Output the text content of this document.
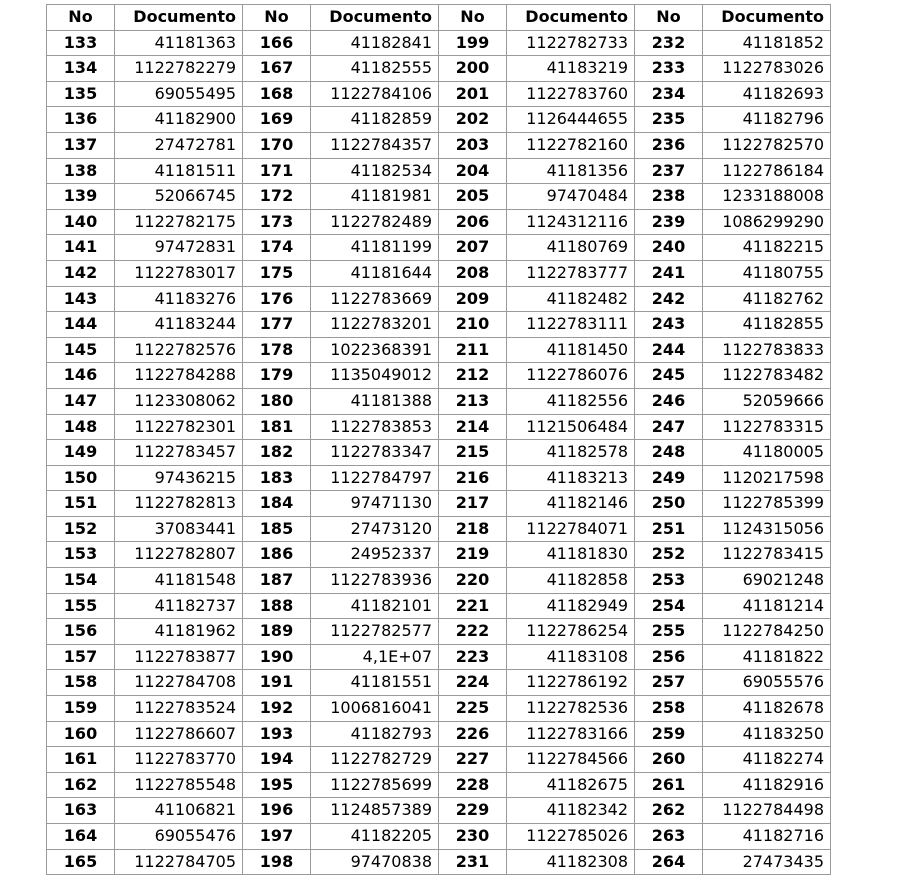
No	Documento	No	Documento	No	Documento	No	Documento
133	41181363	166	41182841	199	1122782733	232	41181852
134	1122782279	167	41182555	200	41183219	233	1122783026
135	69055495	168	1122784106	201	1122783760	234	41182693
136	41182900	169	41182859	202	1126444655	235	41182796
137	27472781	170	1122784357	203	1122782160	236	1122782570
138	41181511	171	41182534	204	41181356	237	1122786184
139	52066745	172	41181981	205	97470484	238	1233188008
140	1122782175	173	1122782489	206	1124312116	239	1086299290
141	97472831	174	41181199	207	41180769	240	41182215
142	1122783017	175	41181644	208	1122783777	241	41180755
143	41183276	176	1122783669	209	41182482	242	41182762
144	41183244	177	1122783201	210	1122783111	243	41182855
145	1122782576	178	1022368391	211	41181450	244	1122783833
146	1122784288	179	1135049012	212	1122786076	245	1122783482
147	1123308062	180	41181388	213	41182556	246	52059666
148	1122782301	181	1122783853	214	1121506484	247	1122783315
149	1122783457	182	1122783347	215	41182578	248	41180005
150	97436215	183	1122784797	216	41183213	249	1120217598
151	1122782813	184	97471130	217	41182146	250	1122785399
152	37083441	185	27473120	218	1122784071	251	1124315056
153	1122782807	186	24952337	219	41181830	252	1122783415
154	41181548	187	1122783936	220	41182858	253	69021248
155	41182737	188	41182101	221	41182949	254	41181214
156	41181962	189	1122782577	222	1122786254	255	1122784250
157	1122783877	190	4,1E+07	223	41183108	256	41181822
158	1122784708	191	41181551	224	1122786192	257	69055576
159	1122783524	192	1006816041	225	1122782536	258	41182678
160	1122786607	193	41182793	226	1122783166	259	41183250
161	1122783770	194	1122782729	227	1122784566	260	41182274
162	1122785548	195	1122785699	228	41182675	261	41182916
163	41106821	196	1124857389	229	41182342	262	1122784498
164	69055476	197	41182205	230	1122785026	263	41182716
165	1122784705	198	97470838	231	41182308	264	27473435
